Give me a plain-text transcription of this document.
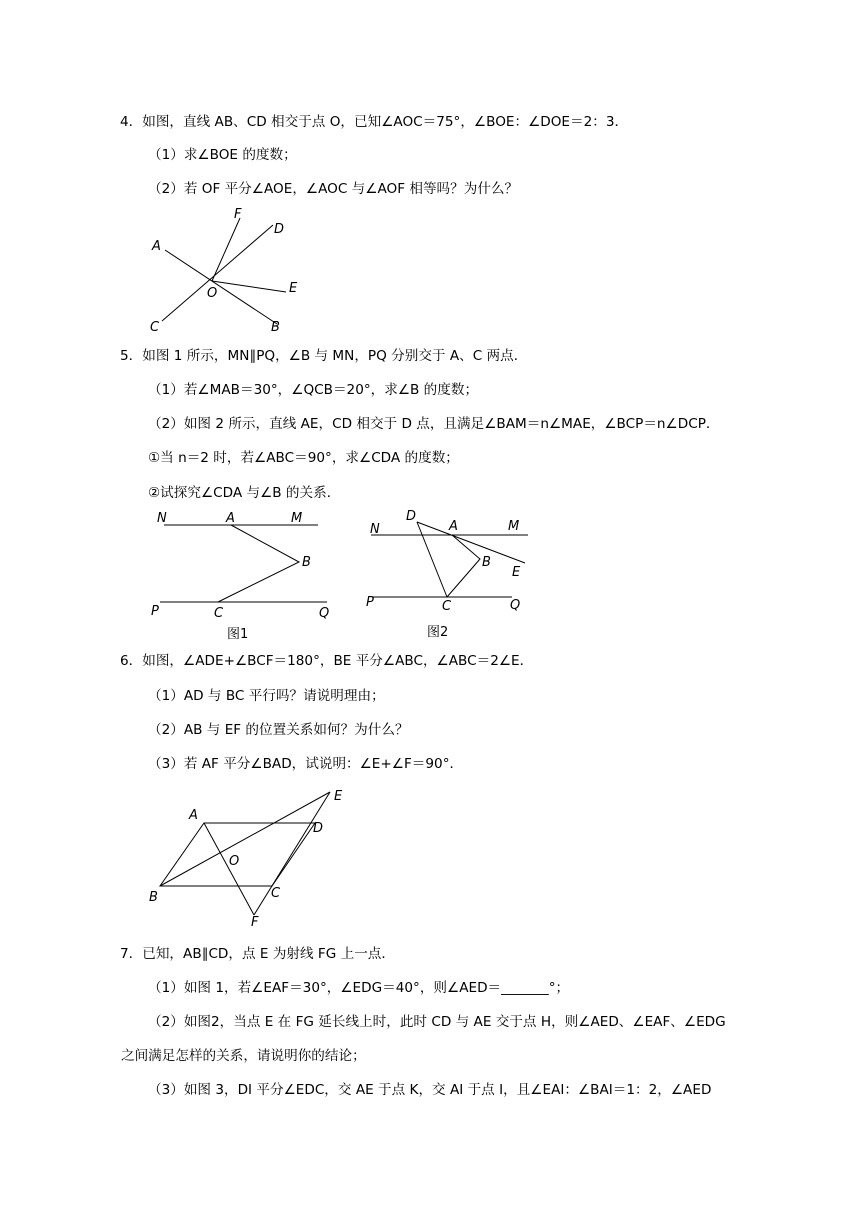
4．如图，直线 AB、CD 相交于点 O，已知∠AOC＝75°，∠BOE：∠DOE＝2：3．
（1）求∠BOE 的度数；
（2）若 OF 平分∠AOE，∠AOC 与∠AOF 相等吗？为什么？
A
F
D
O	E
C	B
5．如图 1 所示，MN∥PQ，∠B 与 MN，PQ 分别交于 A、C 两点．
（1）若∠MAB＝30°，∠QCB＝20°，求∠B 的度数；
（2）如图 2 所示，直线 AE，CD 相交于 D 点，且满足∠BAM＝n∠MAE，∠BCP＝n∠DCP．
①当 n＝2 时，若∠ABC＝90°，求∠CDA 的度数；
②试探究∠CDA 与∠B 的关系．
N	A	M
B
P	C	Q
图1
N
D
A	M
B
E
P	C	Q
图2
6．如图，∠ADE+∠BCF＝180°，BE 平分∠ABC，∠ABC＝2∠E．
（1）AD 与 BC 平行吗？请说明理由；
（2）AB 与 EF 的位置关系如何？为什么？
（3）若 AF 平分∠BAD，试说明：∠E+∠F＝90°．
A
E
D
O
B	C
F
7．已知，AB∥CD，点 E 为射线 FG 上一点．
（1）如图 1，若∠EAF＝30°，∠EDG＝40°，则∠AED＝_______°；
（2）如图2，当点 E 在 FG 延长线上时，此时 CD 与 AE 交于点 H，则∠AED、∠EAF、∠EDG
之间满足怎样的关系，请说明你的结论；
（3）如图 3，DI 平分∠EDC，交 AE 于点 K，交 AI 于点 I，且∠EAI：∠BAI＝1：2，∠AED
